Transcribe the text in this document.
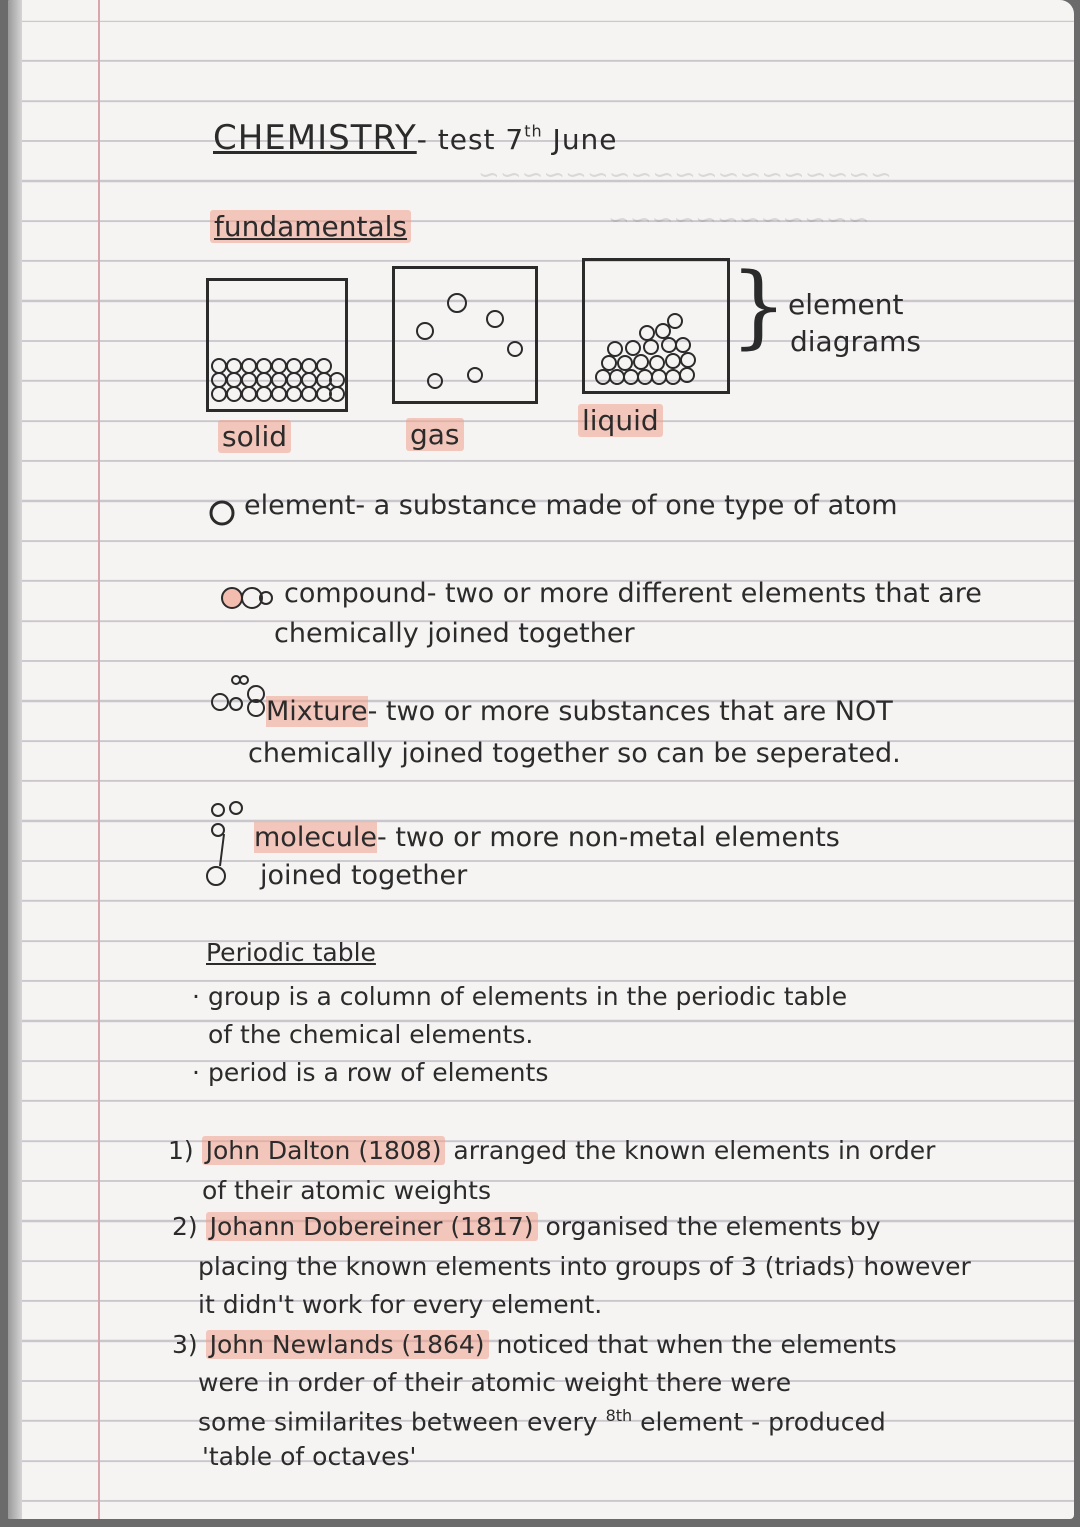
~~~~~~~~~~~~~~~~~~~
~~~~~~~~~~~~
CHEMISTRY- test 7th June
fundamentals
} element
diagrams
solid	gas	liquid
element- a substance made of one type of atom
compound- two or more different elements that are
chemically joined together
Mixture- two or more substances that are NOT
chemically joined together so can be seperated.
molecule- two or more non-metal elements
joined together
Periodic table
· group is a column of elements in the periodic table
of the chemical elements.
· period is a row of elements
1) John Dalton (1808) arranged the known elements in order
of their atomic weights
2) Johann Dobereiner (1817) organised the elements by
placing the known elements into groups of 3 (triads) however
it didn't work for every element.
3) John Newlands (1864) noticed that when the elements
were in order of their atomic weight there were
some similarites between every $^{8th}$ element - produced
'table of octaves'
